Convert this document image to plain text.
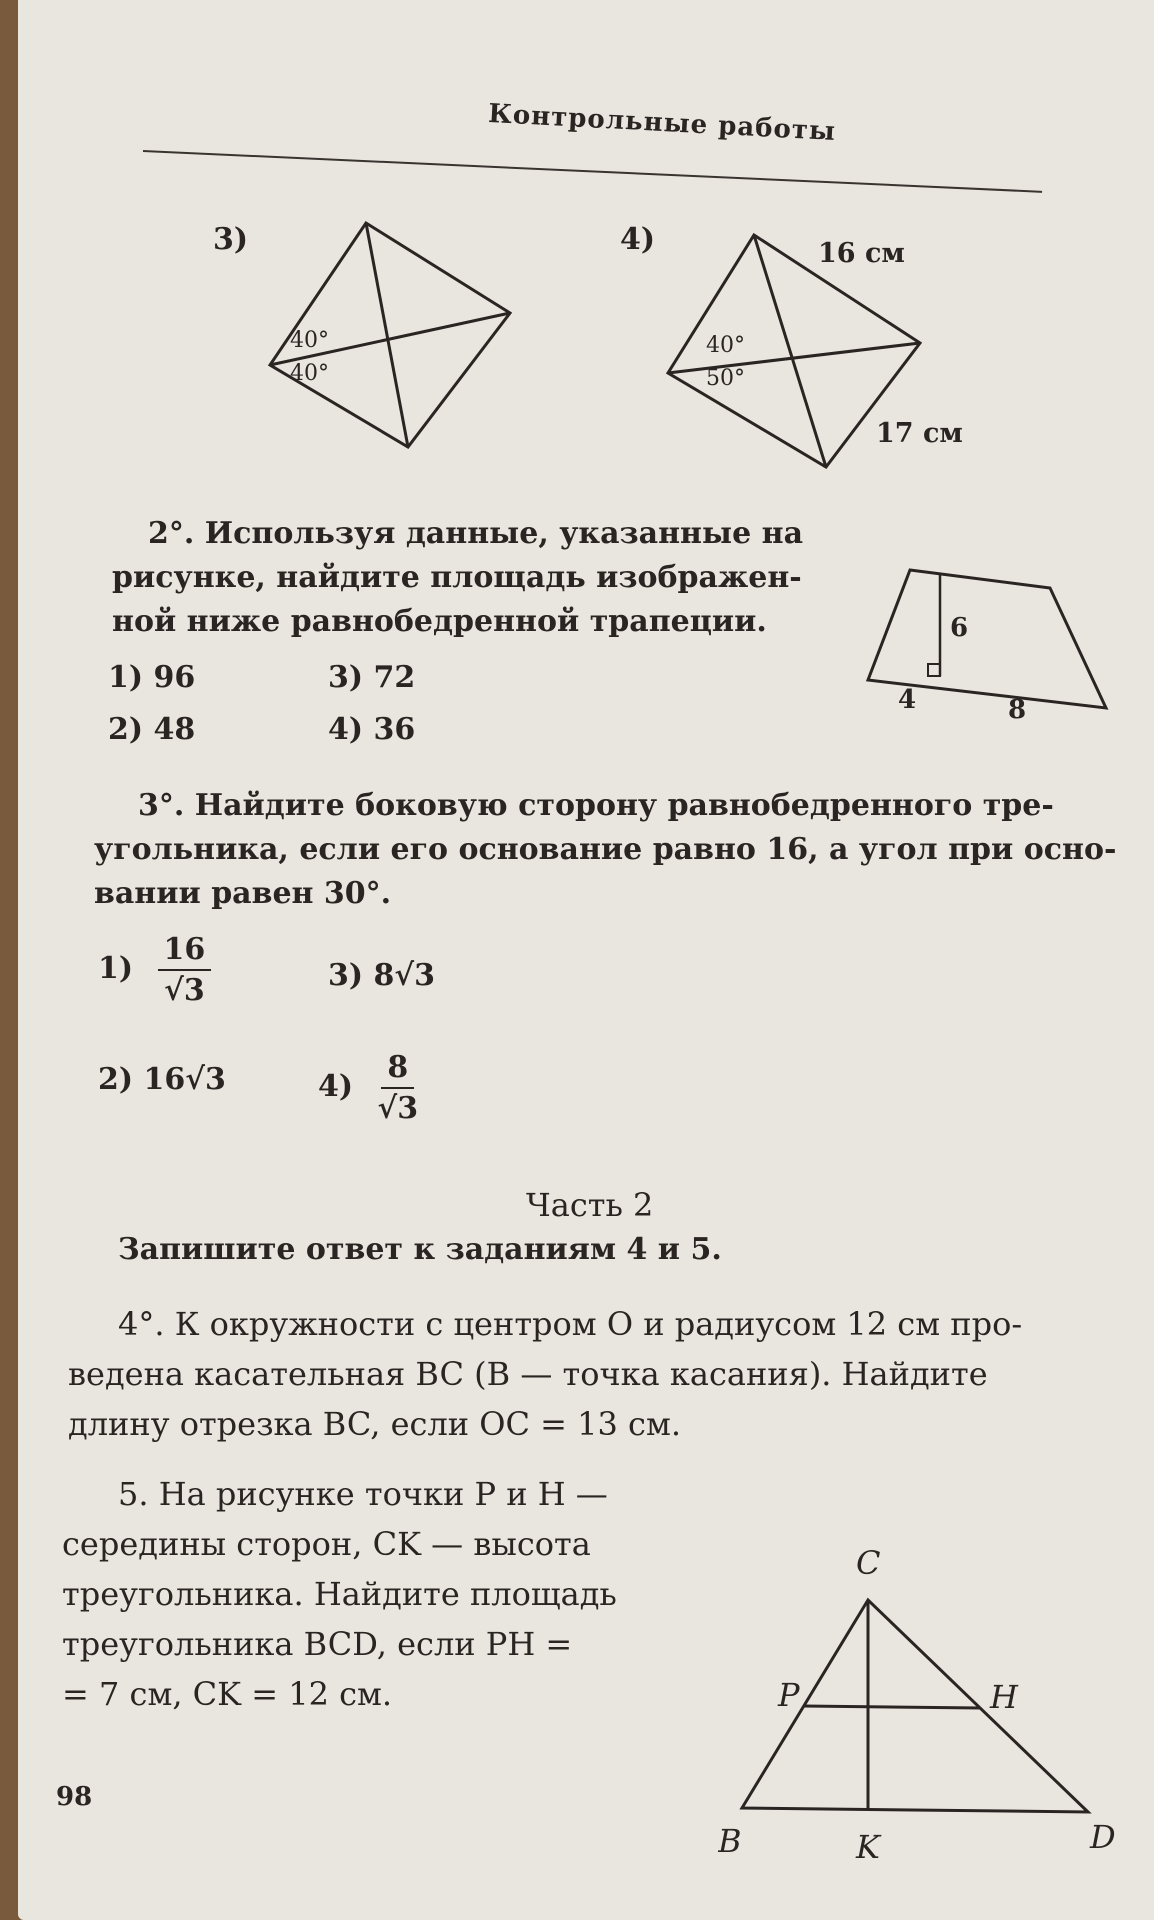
Контрольные работы
3)
40°
40°
4)
40°
50°
16 см
17 см
2°. Используя данные, указанные на
рисунке, найдите площадь изображен-
ной ниже равнобедренной трапеции.
1) 96
2) 48
3) 72
4) 36
6
4	8
3°. Найдите боковую сторону равнобедренного тре-
угольника, если его основание равно 16, а угол при осно-
вании равен 30°.
$1) \frac{16}{√3}$	3) 8√3
2) 16√3	$4) \frac{8}{√3}$
Часть 2
Запишите ответ к заданиям 4 и 5.
4°. К окружности с центром O и радиусом 12 см про-
ведена касательная BC (B — точка касания). Найдите
длину отрезка BC, если OC = 13 см.
5. На рисунке точки P и H —
середины сторон, CK — высота
треугольника. Найдите площадь
треугольника BCD, если PH =
= 7 см, CK = 12 см.
C
P	H
B	K	D
98
